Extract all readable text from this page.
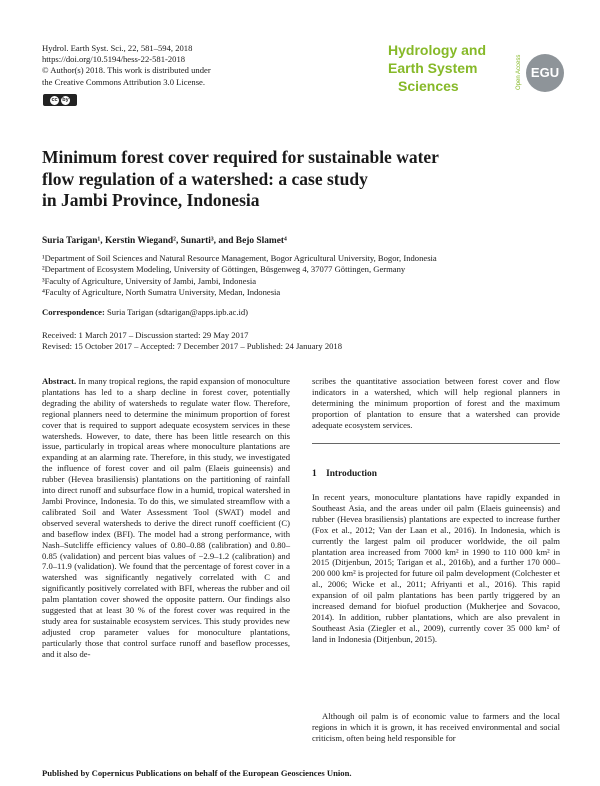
Hydrol. Earth Syst. Sci., 22, 581–594, 2018
https://doi.org/10.5194/hess-22-581-2018
© Author(s) 2018. This work is distributed under
the Creative Commons Attribution 3.0 License.
cc by
Hydrology and
Earth System
Sciences	Open Access EGU
Minimum forest cover required for sustainable water
flow regulation of a watershed: a case study
in Jambi Province, Indonesia
Suria Tarigan¹, Kerstin Wiegand², Sunarti³, and Bejo Slamet⁴
¹Department of Soil Sciences and Natural Resource Management, Bogor Agricultural University, Bogor, Indonesia
²Department of Ecosystem Modeling, University of Göttingen, Büsgenweg 4, 37077 Göttingen, Germany
³Faculty of Agriculture, University of Jambi, Jambi, Indonesia
⁴Faculty of Agriculture, North Sumatra University, Medan, Indonesia
Correspondence: Suria Tarigan (sdtarigan@apps.ipb.ac.id)
Received: 1 March 2017 – Discussion started: 29 May 2017
Revised: 15 October 2017 – Accepted: 7 December 2017 – Published: 24 January 2018

Abstract. In many tropical regions, the rapid expansion of monoculture plantations has led to a sharp decline in forest cover, potentially degrading the ability of watersheds to regulate water flow. Therefore, regional planners need to determine the minimum proportion of forest cover that is required to support adequate ecosystem services in these watersheds. However, to date, there has been little research on this issue, particularly in tropical areas where monoculture plantations are expanding at an alarming rate. Therefore, in this study, we investigated the influence of forest cover and oil palm (Elaeis guineensis) and rubber (Hevea brasiliensis) plantations on the partitioning of rainfall into direct runoff and subsurface flow in a humid, tropical watershed in Jambi Province, Indonesia. To do this, we simulated streamflow with a calibrated Soil and Water Assessment Tool (SWAT) model and observed several watersheds to derive the direct runoff coefficient (C) and baseflow index (BFI). The model had a strong performance, with Nash–Sutcliffe efficiency values of 0.80–0.88 (calibration) and 0.80–0.85 (validation) and percent bias values of −2.9–1.2 (calibration) and 7.0–11.9 (validation). We found that the percentage of forest cover in a watershed was significantly negatively correlated with C and significantly positively correlated with BFI, whereas the rubber and oil palm plantation cover showed the opposite pattern. Our findings also suggested that at least 30 % of the forest cover was required in the study area for sustainable ecosystem services. This study provides new adjusted crop parameter values for monoculture plantations, particularly those that control surface runoff and baseflow processes, and it also de-

1 Introduction
In recent years, monoculture plantations have rapidly expanded in Southeast Asia, and the areas under oil palm (Elaeis guineensis) and rubber (Hevea brasiliensis) plantations are expected to increase further (Fox et al., 2012; Van der Laan et al., 2016). In Indonesia, which is currently the largest palm oil producer worldwide, the oil palm plantation area increased from 7000 km² in 1990 to 110 000 km² in 2015 (Ditjenbun, 2015; Tarigan et al., 2016b), and a further 170 000–200 000 km² is projected for future oil palm development (Colchester et al., 2006; Wicke et al., 2011; Afriyanti et al., 2016). This rapid expansion of oil palm plantations has been partly triggered by an increased demand for biofuel production (Mukherjee and Sovacoo, 2014). In addition, rubber plantations, which are also prevalent in Southeast Asia (Ziegler et al., 2009), currently cover 35 000 km² of land in Indonesia (Ditjenbun, 2015).
Although oil palm is of economic value to farmers and the local regions in which it is grown, it has received environmental and social criticism, often being held responsible for
Published by Copernicus Publications on behalf of the European Geosciences Union.
scribes the quantitative association between forest cover and flow indicators in a watershed, which will help regional planners in determining the minimum proportion of forest and the maximum proportion of plantation to ensure that a watershed can provide adequate ecosystem services.
